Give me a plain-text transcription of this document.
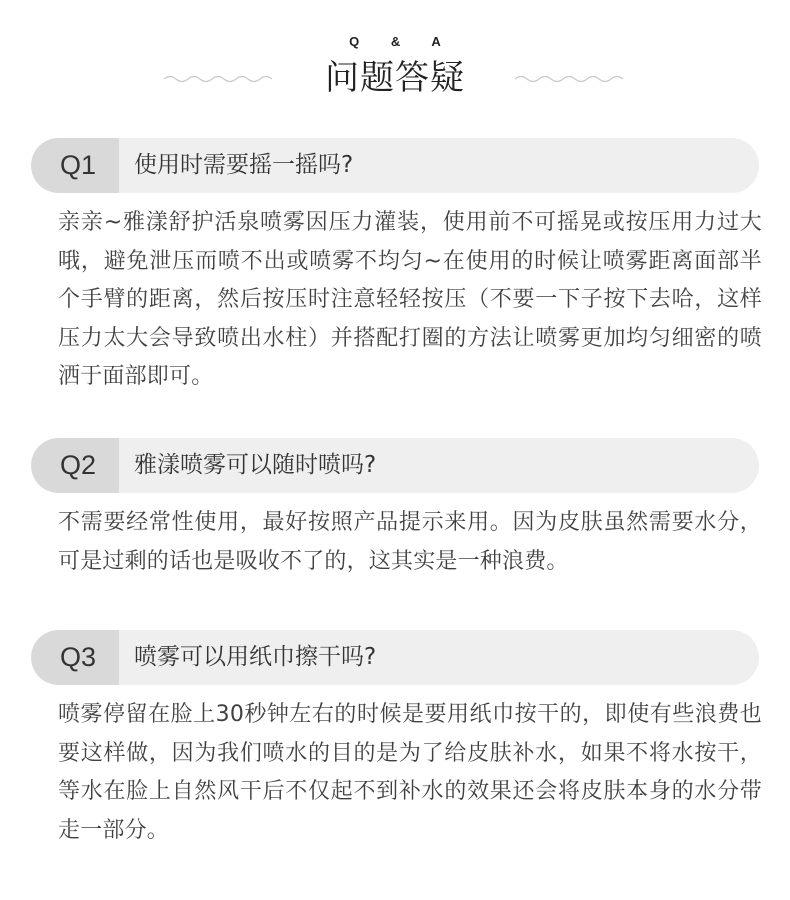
Q & A
问题答疑
Q1	使用时需要摇一摇吗?
亲亲~雅漾舒护活泉喷雾因压力灌装，使用前不可摇晃或按压用力过大哦，避免泄压而喷不出或喷雾不均匀~在使用的时候让喷雾距离面部半个手臂的距离，然后按压时注意轻轻按压（不要一下子按下去哈，这样压力太大会导致喷出水柱）并搭配打圈的方法让喷雾更加均匀细密的喷洒于面部即可。
Q2	雅漾喷雾可以随时喷吗?
不需要经常性使用，最好按照产品提示来用。因为皮肤虽然需要水分，可是过剩的话也是吸收不了的，这其实是一种浪费。
Q3	喷雾可以用纸巾擦干吗?
喷雾停留在脸上30秒钟左右的时候是要用纸巾按干的，即使有些浪费也要这样做，因为我们喷水的目的是为了给皮肤补水，如果不将水按干，等水在脸上自然风干后不仅起不到补水的效果还会将皮肤本身的水分带走一部分。
